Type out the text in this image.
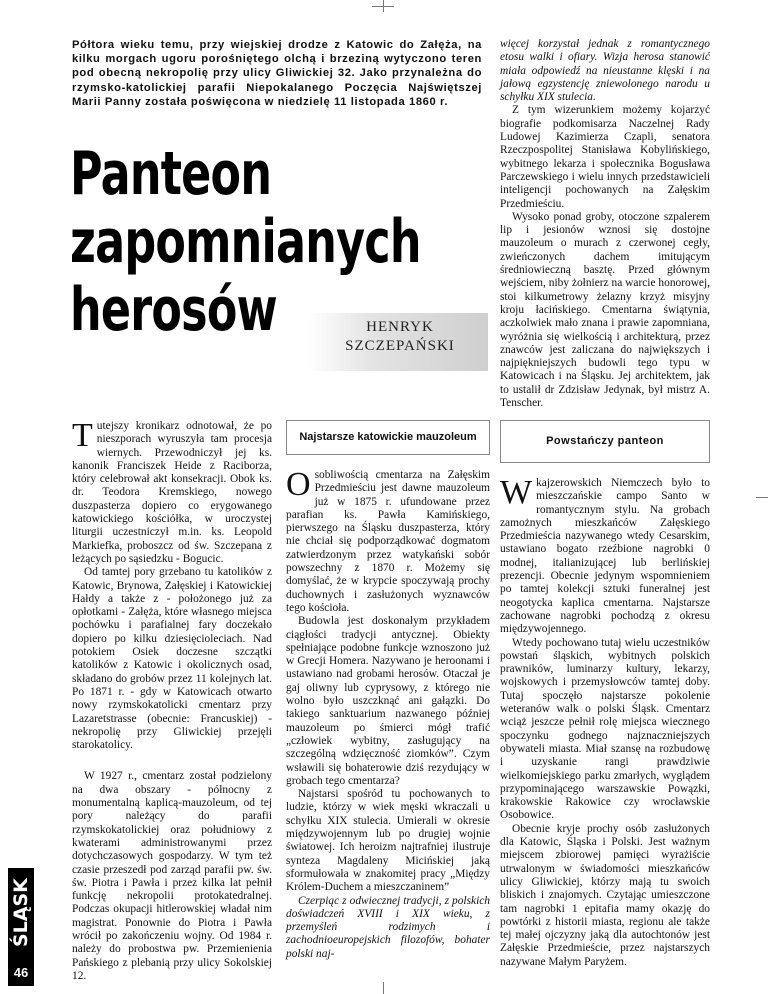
Półtora wieku temu, przy wiejskiej drodze z Katowic do Załęża, na kilku morgach ugoru porośniętego olchą i brzeziną wytyczono teren pod obecną nekropolię przy ulicy Gliwickiej 32. Jako przynależna do rzymsko-katolickiej parafii Niepokalanego Poczęcia Najświętszej Marii Panny została poświęcona w niedzielę 11 listopada 1860 r.
Panteon
zapomnianych
herosów	HENRYK
SZCZEPAŃSKI

Tutejszy kronikarz odnotował, że po nieszporach wyruszyła tam procesja wiernych. Przewodniczył jej ks. kanonik Franciszek Heide z Raciborza, który celebrował akt konsekracji. Obok ks. dr. Teodora Kremskiego, nowego duszpasterza dopiero co erygowanego katowickiego kościółka, w uroczystej liturgii uczestniczył m.in. ks. Leopold Markiefka, proboszcz od św. Szczepana z leżących po sąsiedzku - Bogucic.

Od tamtej pory grzebano tu katolików z Katowic, Brynowa, Załęskiej i Katowickiej Hałdy a także z - położonego już za opłotkami - Załęża, które własnego miejsca pochówku i parafialnej fary doczekało dopiero po kilku dziesięcioleciach. Nad potokiem Osiek doczesne szczątki katolików z Katowic i okolicznych osad, składano do grobów przez 11 kolejnych lat. Po 1871 r. - gdy w Katowicach otwarto nowy rzymskokatolicki cmentarz przy Lazaretstrasse (obecnie: Francuskiej) - nekropolię przy Gliwickiej przejęli starokatolicy.

W 1927 r., cmentarz został podzielony na dwa obszary - północny z monumentalną kaplicą-mauzoleum, od tej pory należący do parafii rzymskokatolickiej oraz południowy z kwaterami administrowanymi przez dotychczasowych gospodarzy. W tym też czasie przeszedł pod zarząd parafii pw. św. św. Piotra i Pawła i przez kilka lat pełnił funkcję nekropolii protokatedralnej. Podczas okupacji hitlerowskiej władał nim magistrat. Ponownie do Piotra i Pawła wrócił po zakończeniu wojny. Od 1984 r. należy do probostwa pw. Przemienienia Pańskiego z plebanią przy ulicy Sokolskiej 12.

Najstarsze katowickie mauzoleum

Osobliwością cmentarza na Załęskim Przedmieściu jest dawne mauzoleum już w 1875 r. ufundowane przez parafian ks. Pawła Kamińskiego, pierwszego na Śląsku duszpasterza, który nie chciał się podporządkować dogmatom zatwierdzonym przez watykański sobór powszechny z 1870 r. Możemy się domyślać, że w krypcie spoczywają prochy duchownych i zasłużonych wyznawców tego kościoła.

Budowla jest doskonałym przykładem ciągłości tradycji antycznej. Obiekty spełniające podobne funkcje wznoszono już w Grecji Homera. Nazywano je heroonami i ustawiano nad grobami herosów. Otaczał je gaj oliwny lub cyprysowy, z którego nie wolno było uszczknąć ani gałązki. Do takiego sanktuarium nazwanego później mauzoleum po śmierci mógł trafić „człowiek wybitny, zasługujący na szczególną wdzięczność ziomków”. Czym wsławili się bohaterowie dziś rezydujący w grobach tego cmentarza?

Najstarsi spośród tu pochowanych to ludzie, którzy w wiek męski wkraczali u schyłku XIX stulecia. Umierali w okresie międzywojennym lub po drugiej wojnie światowej. Ich heroizm najtrafniej ilustruje synteza Magdaleny Micińskiej jaką sformułowała w znakomitej pracy „Między Królem-Duchem a mieszczaninem”

Czerpiąc z odwiecznej tradycji, z polskich doświadczeń XVIII i XIX wieku, z przemyśleń rodzimych i zachodnioeuropejskich filozofów, bohater polski naj-

więcej korzystał jednak z romantycznego etosu walki i ofiary. Wizja herosa stanowić miała odpowiedź na nieustanne klęski i na jałową egzystencję zniewolonego narodu u schyłku XIX stulecia.

Z tym wizerunkiem możemy kojarzyć biografie podkomisarza Naczelnej Rady Ludowej Kazimierza Czapli, senatora Rzeczpospolitej Stanisława Kobylińskiego, wybitnego lekarza i społecznika Bogusława Parczewskiego i wielu innych przedstawicieli inteligencji pochowanych na Załęskim Przedmieściu.

Wysoko ponad groby, otoczone szpalerem lip i jesionów wznosi się dostojne mauzoleum o murach z czerwonej cegły, zwieńczonych dachem imitującym średniowieczną basztę. Przed głównym wejściem, niby żołnierz na warcie honorowej, stoi kilkumetrowy żelazny krzyż misyjny kroju łacińskiego. Cmentarna świątynia, aczkolwiek mało znana i prawie zapomniana, wyróżnia się wielkością i architekturą, przez znawców jest zaliczana do największych i najpiękniejszych budowli tego typu w Katowicach i na Śląsku. Jej architektem, jak to ustalił dr Zdzisław Jedynak, był mistrz A. Tenscher.

Powstańczy panteon

Wkajzerowskich Niemczech było to mieszczańskie campo Santo w romantycznym stylu. Na grobach zamożnych mieszkańców Załęskiego Przedmieścia nazywanego wtedy Cesarskim, ustawiano bogato rzeźbione nagrobki 0 modnej, italianizującej lub berlińskiej prezencji. Obecnie jedynym wspomnieniem po tamtej kolekcji sztuki funeralnej jest neogotycka kaplica cmentarna. Najstarsze zachowane nagrobki pochodzą z okresu międzywojennego.

Wtedy pochowano tutaj wielu uczestników powstań śląskich, wybitnych polskich prawników, luminarzy kultury, lekarzy, wojskowych i przemysłowców tamtej doby. Tutaj spoczęło najstarsze pokolenie weteranów walk o polski Śląsk. Cmentarz wciąż jeszcze pełnił rolę miejsca wiecznego spoczynku godnego najznaczniejszych obywateli miasta. Miał szansę na rozbudowę i uzyskanie rangi prawdziwie wielkomiejskiego parku zmarłych, wyglądem przypominającego warszawskie Powązki, krakowskie Rakowice czy wrocławskie Osobowice.

Obecnie kryje prochy osób zasłużonych dla Katowic, Śląska i Polski. Jest ważnym miejscem zbiorowej pamięci wyrażiście utrwalonym w świadomości mieszkańców ulicy Gliwickiej, którzy mają tu swoich bliskich i znajomych. Czytając umieszczone tam nagrobki 1 epitafia mamy okazję do powtórki z historii miasta, regionu ale także tej małej ojczyzny jaką dla autochtonów jest Załęskie Przedmieście, przez najstarszych nazywane Małym Paryżem.

ŚLĄSK
46
